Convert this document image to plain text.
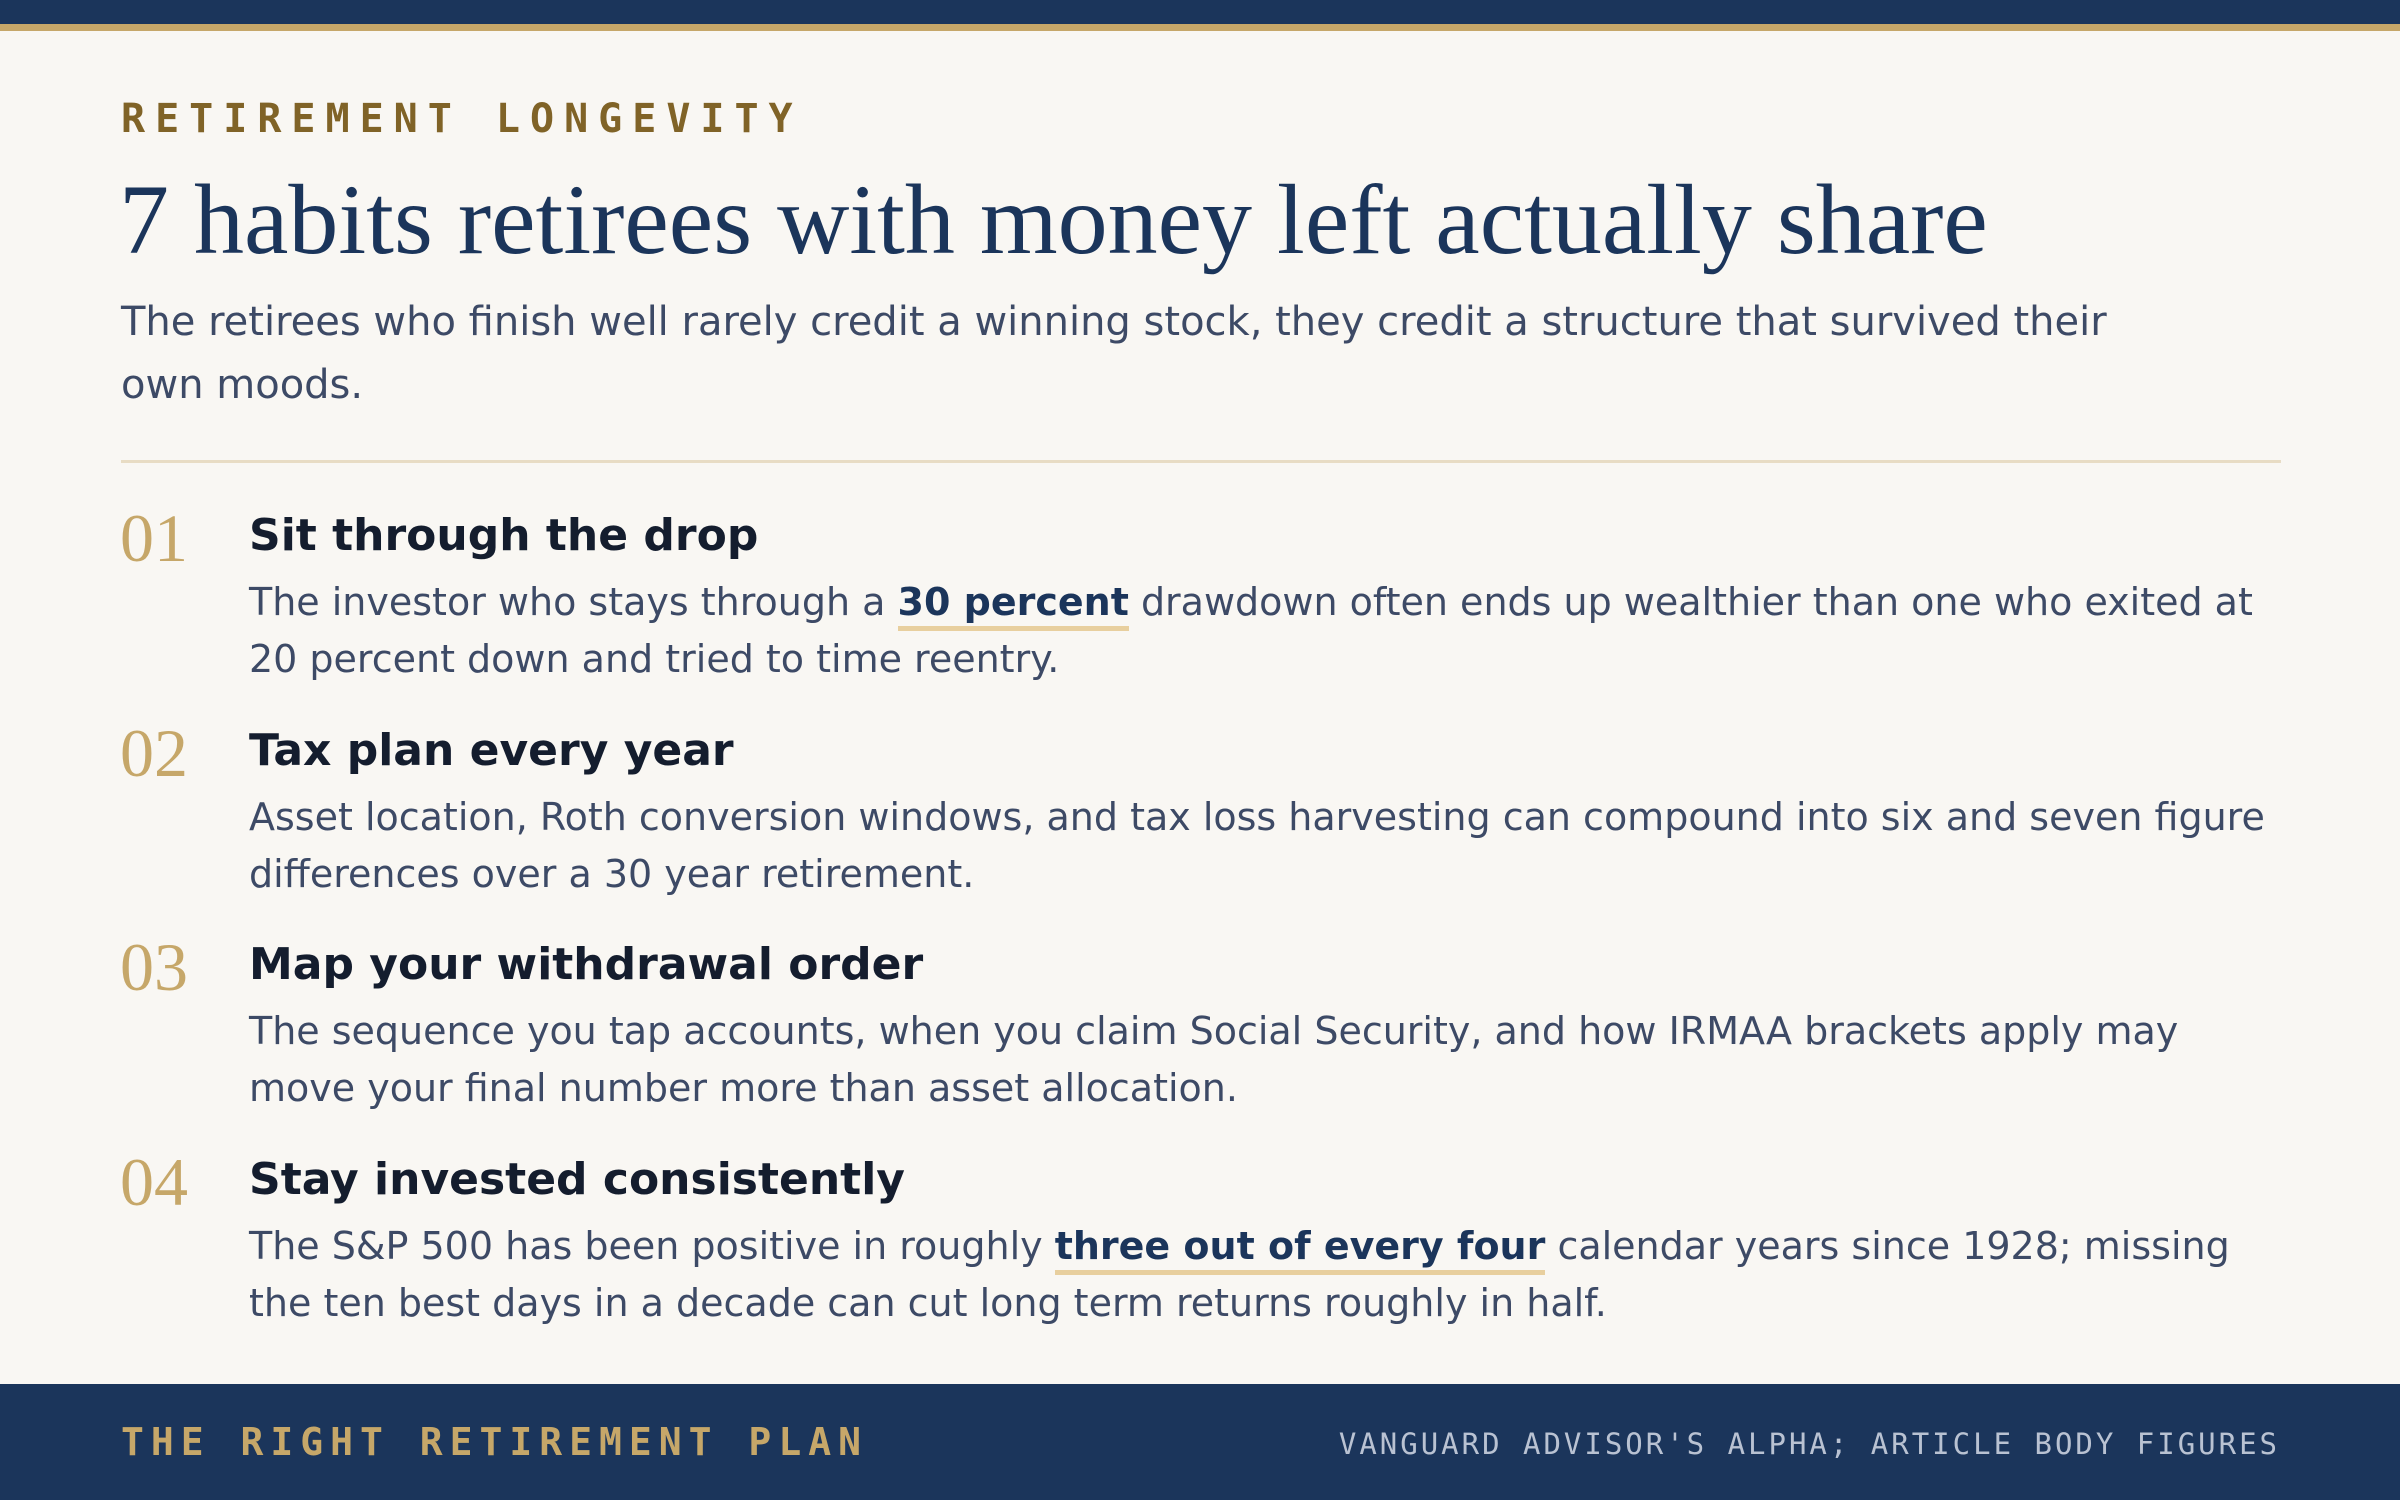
RETIREMENT LONGEVITY
7 habits retirees with money left actually share
The retirees who finish well rarely credit a winning stock, they credit a structure that survived their own moods.
01 Sit through the drop
The investor who stays through a 30 percent drawdown often ends up wealthier than one who exited at 20 percent down and tried to time reentry.
02 Tax plan every year
Asset location, Roth conversion windows, and tax loss harvesting can compound into six and seven figure differences over a 30 year retirement.
03 Map your withdrawal order
The sequence you tap accounts, when you claim Social Security, and how IRMAA brackets apply may move your final number more than asset allocation.
04 Stay invested consistently
The S&P 500 has been positive in roughly three out of every four calendar years since 1928; missing the ten best days in a decade can cut long term returns roughly in half.
THE RIGHT RETIREMENT PLAN	VANGUARD ADVISOR'S ALPHA; ARTICLE BODY FIGURES
